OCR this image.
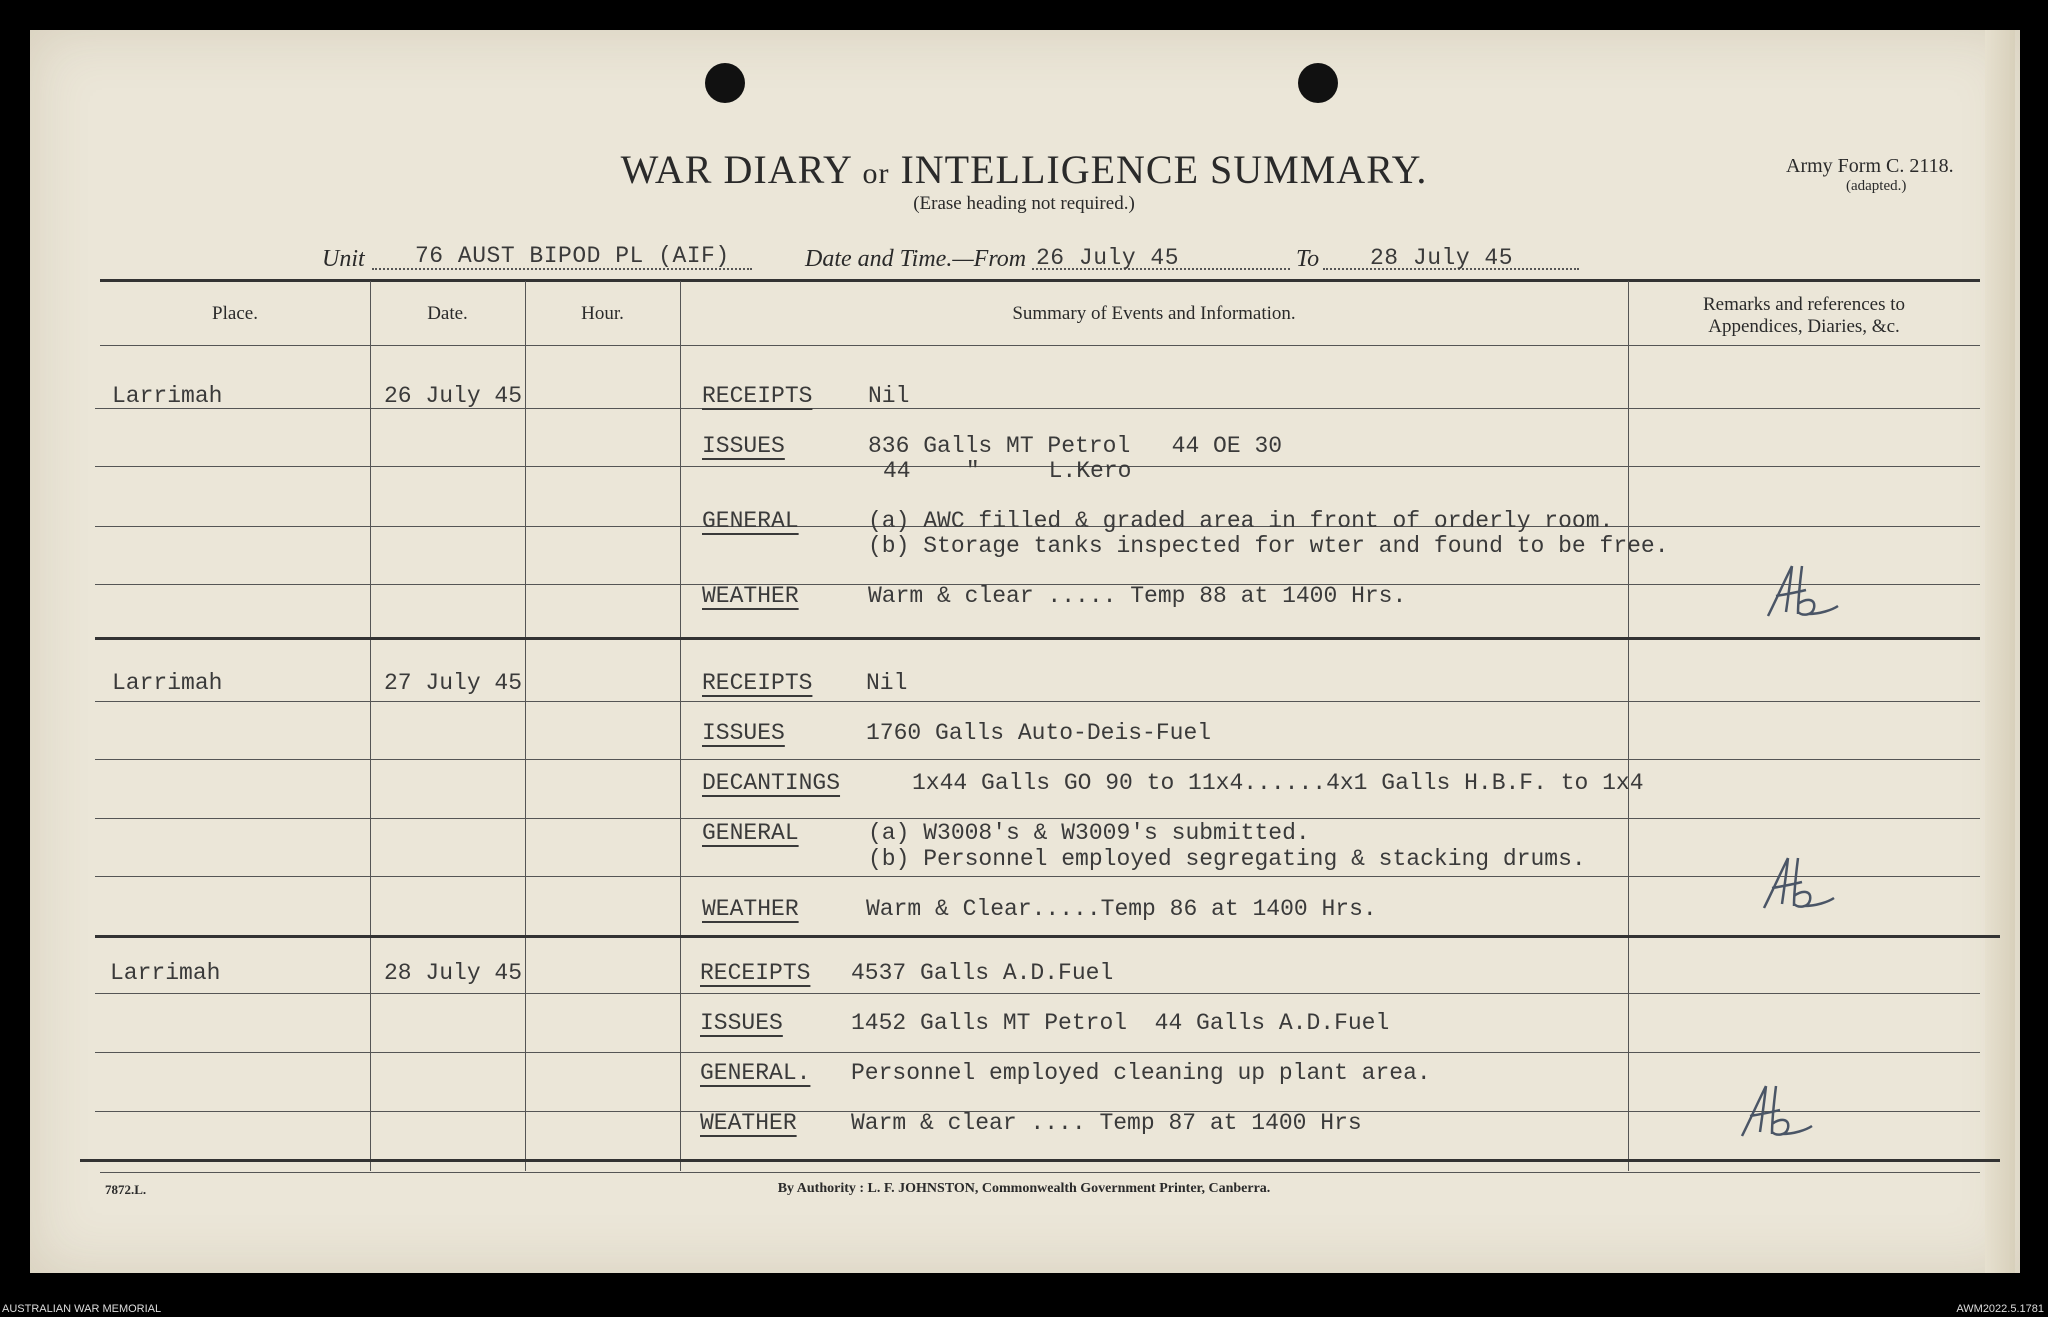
WAR DIARY or INTELLIGENCE SUMMARY.
(Erase heading not required.)
Army Form C. 2118.
(adapted.)
Unit 76 AUST BIPOD PL (AIF)	Date and Time.—From 26 July 45	To 28 July 45
Place.	Date.	Hour.	Summary of Events and Information.	Remarks and references to
Appendices, Diaries, &c.
Larrimah	26 July 45	RECEIPTS Nil
ISSUES	836 Galls MT Petrol   44 OE 30
44    "     L.Kero
GENERAL	(a) AWC filled & graded area in front of orderly room.
(b) Storage tanks inspected for wter and found to be free.
WEATHER	Warm & clear ..... Temp 88 at 1400 Hrs.
Larrimah	27 July 45	RECEIPTS Nil
ISSUES	1760 Galls Auto-Deis-Fuel
DECANTINGS	1x44 Galls GO 90 to 11x4......4x1 Galls H.B.F. to 1x4
GENERAL	(a) W3008's & W3009's submitted.
(b) Personnel employed segregating & stacking drums.
WEATHER	Warm & Clear.....Temp 86 at 1400 Hrs.
Larrimah	28 July 45	RECEIPTS 4537 Galls A.D.Fuel
ISSUES	1452 Galls MT Petrol  44 Galls A.D.Fuel
GENERAL. Personnel employed cleaning up plant area.
WEATHER Warm & clear .... Temp 87 at 1400 Hrs
7872.L.	By Authority : L. F. JOHNSTON, Commonwealth Government Printer, Canberra.
AUSTRALIAN WAR MEMORIAL	AWM2022.5.1781
